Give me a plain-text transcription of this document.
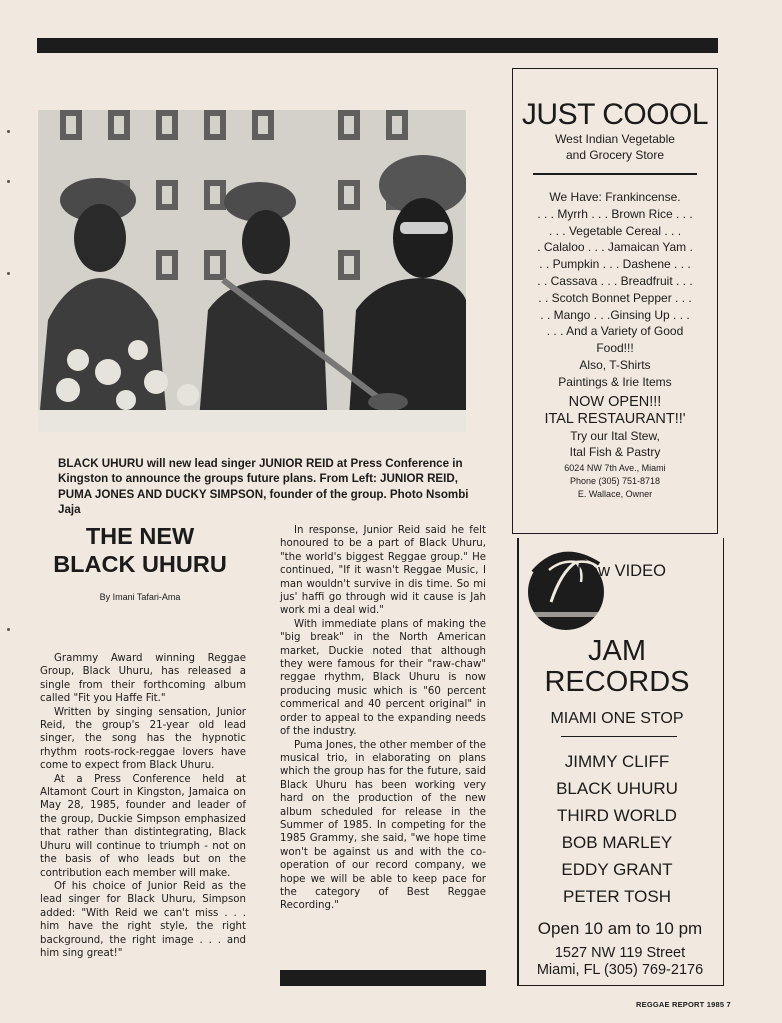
BLACK UHURU will new lead singer JUNIOR REID at Press Conference in Kingston to announce the groups future plans. From Left: JUNIOR REID, PUMA JONES AND DUCKY SIMPSON, founder of the group. Photo Nsombi Jaja
THE NEW
BLACK UHURU
By Imani Tafari-Ama

Grammy Award winning Reggae Group, Black Uhuru, has released a single from their forthcoming album called "Fit you Haffe Fit."

Written by singing sensation, Junior Reid, the group's 21-year old lead singer, the song has the hypnotic rhythm roots-rock-reggae lovers have come to expect from Black Uhuru.

At a Press Conference held at Altamont Court in Kingston, Jamaica on May 28, 1985, founder and leader of the group, Duckie Simpson emphasized that rather than distintegrating, Black Uhuru will continue to triumph - not on the basis of who leads but on the contribution each member will make.

Of his choice of Junior Reid as the lead singer for Black Uhuru, Simpson added: "With Reid we can't miss . . . him have the right style, the right background, the right image . . . and him sing great!"

In response, Junior Reid said he felt honoured to be a part of Black Uhuru, "the world's biggest Reggae group." He continued, "If it wasn't Reggae Music, I man wouldn't survive in dis time. So mi jus' haffi go through wid it cause is Jah work mi a deal wid."

With immediate plans of making the "big break" in the North American market, Duckie noted that although they were famous for their "raw-chaw" reggae rhythm, Black Uhuru is now producing music which is "60 percent commerical and 40 percent original" in order to appeal to the expanding needs of the industry.

Puma Jones, the other member of the musical trio, in elaborating on plans which the group has for the future, said Black Uhuru has been working very hard on the production of the new album scheduled for release in the Summer of 1985. In competing for the 1985 Grammy, she said, "we hope time won't be against us and with the co-operation of our record company, we hope we will be able to keep pace for the category of Best Reggae Recording."

JUST COOOL
West Indian Vegetable
and Grocery Store
We Have: Frankincense.
. . . Myrrh . . . Brown Rice . . .
. . . Vegetable Cereal . . .
. Calaloo . . . Jamaican Yam .
. . Pumpkin . . . Dashene . . .
. . Cassava . . . Breadfruit . . .
. . Scotch Bonnet Pepper . . .
. . Mango . . .Ginsing Up . . .
. . . And a Variety of Good
Food!!!
Also, T-Shirts
Paintings & Irie Items
NOW OPEN!!!
ITAL RESTAURANT!!'
Try our Ital Stew,
Ital Fish & Pastry
6024 NW 7th Ave., Miami
Phone (305) 751-8718
E. Wallace, Owner
Now VIDEO
JAM
RECORDS
MIAMI ONE STOP
JIMMY CLIFF
BLACK UHURU
THIRD WORLD
BOB MARLEY
EDDY GRANT
PETER TOSH
Open 10 am to 10 pm
1527 NW 119 Street
Miami, FL (305) 769-2176
REGGAE REPORT 1985 7
